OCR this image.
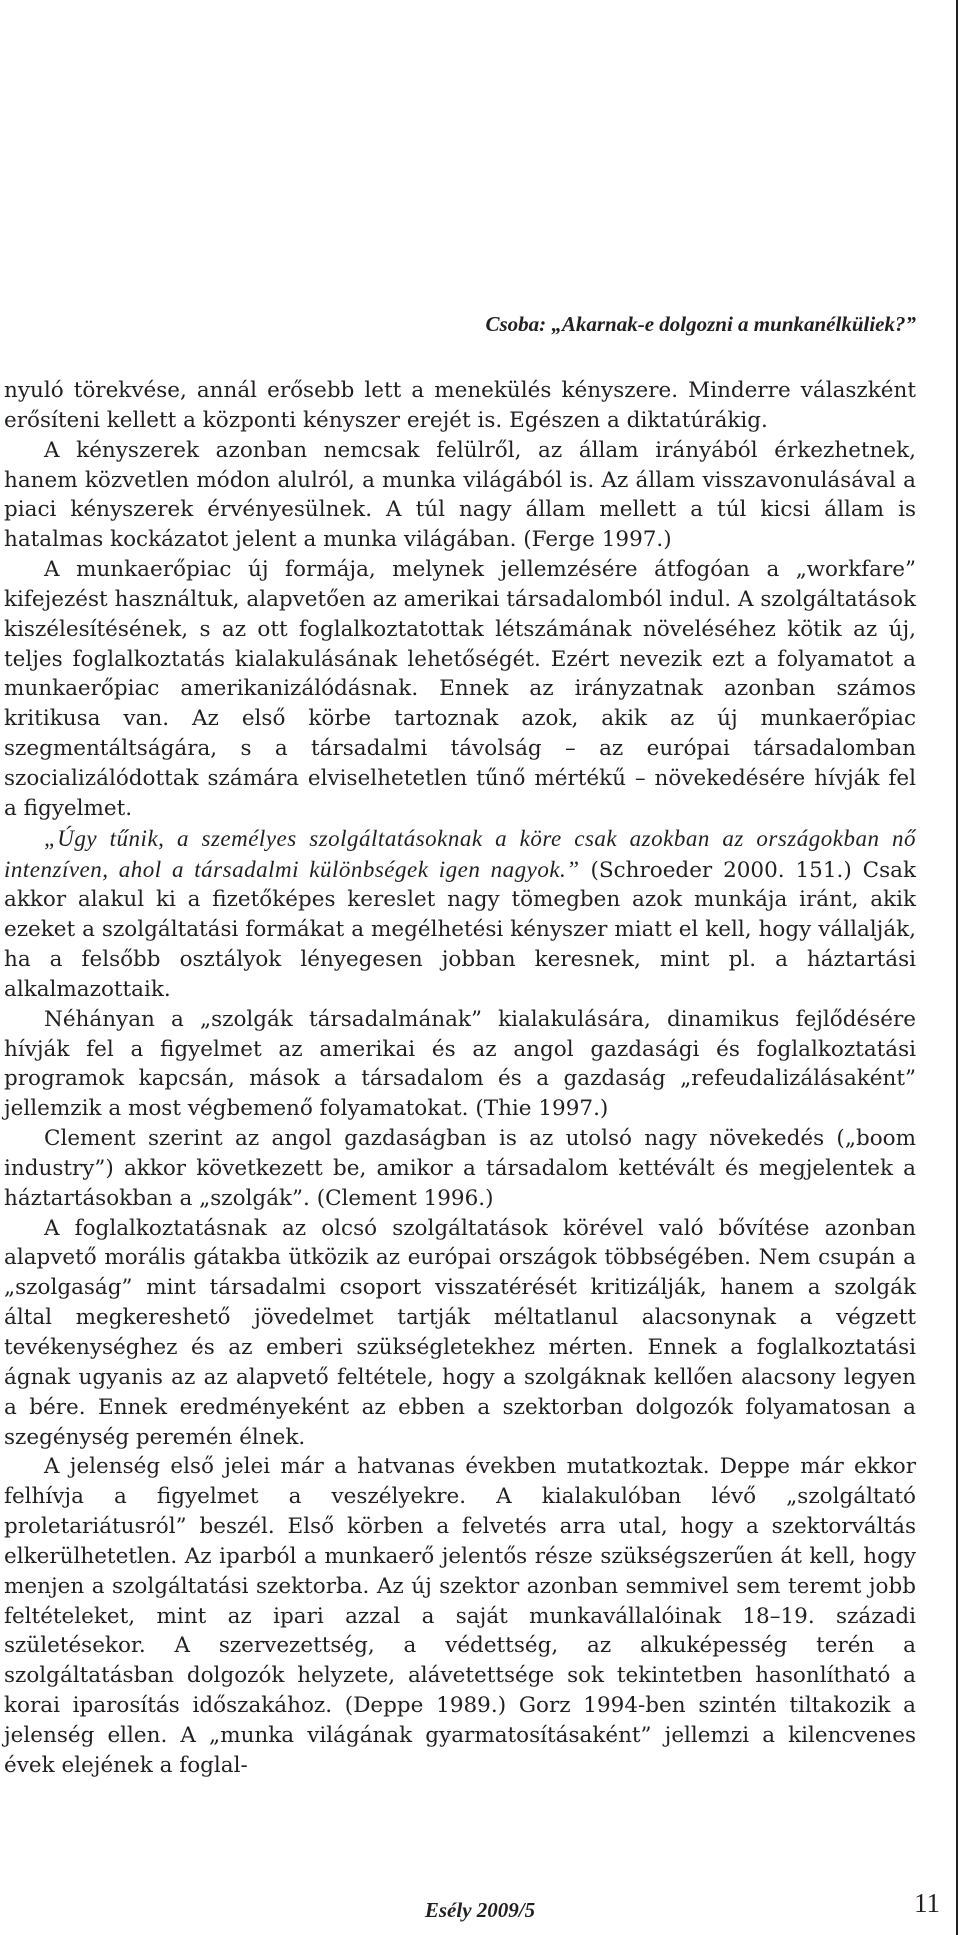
Csoba: „Akarnak-e dolgozni a munkanélküliek?”

nyuló törekvése, annál erősebb lett a menekülés kényszere. Minderre válaszként erősíteni kellett a központi kényszer erejét is. Egészen a diktatúrákig.

A kényszerek azonban nemcsak felülről, az állam irányából érkezhetnek, hanem közvetlen módon alulról, a munka világából is. Az állam visszavonulásával a piaci kényszerek érvényesülnek. A túl nagy állam mellett a túl kicsi állam is hatalmas kockázatot jelent a munka világában. (Ferge 1997.)

A munkaerőpiac új formája, melynek jellemzésére átfogóan a „workfare” kifejezést használtuk, alapvetően az amerikai társadalomból indul. A szolgáltatások kiszélesítésének, s az ott foglalkoztatottak létszámának növeléséhez kötik az új, teljes foglalkoztatás kialakulásának lehetőségét. Ezért nevezik ezt a folyamatot a munkaerőpiac amerikanizálódásnak. Ennek az irányzatnak azonban számos kritikusa van. Az első körbe tartoznak azok, akik az új munkaerőpiac szegmentáltságára, s a társadalmi távolság – az európai társadalomban szocializálódottak számára elviselhetetlen tűnő mértékű – növekedésére hívják fel a figyelmet.

„Úgy tűnik, a személyes szolgáltatásoknak a köre csak azokban az országokban nő intenzíven, ahol a társadalmi különbségek igen nagyok.” (Schroeder 2000. 151.) Csak akkor alakul ki a fizetőképes kereslet nagy tömegben azok munkája iránt, akik ezeket a szolgáltatási formákat a megélhetési kényszer miatt el kell, hogy vállalják, ha a felsőbb osztályok lényegesen jobban keresnek, mint pl. a háztartási alkalmazottaik.

Néhányan a „szolgák társadalmának” kialakulására, dinamikus fejlődésére hívják fel a figyelmet az amerikai és az angol gazdasági és foglalkoztatási programok kapcsán, mások a társadalom és a gazdaság „refeudalizálásaként” jellemzik a most végbemenő folyamatokat. (Thie 1997.)

Clement szerint az angol gazdaságban is az utolsó nagy növekedés („boom industry”) akkor következett be, amikor a társadalom kettévált és megjelentek a háztartásokban a „szolgák”. (Clement 1996.)

A foglalkoztatásnak az olcsó szolgáltatások körével való bővítése azonban alapvető morális gátakba ütközik az európai országok többségében. Nem csupán a „szolgaság” mint társadalmi csoport visszatérését kritizálják, hanem a szolgák által megkereshető jövedelmet tartják méltatlanul alacsonynak a végzett tevékenységhez és az emberi szükségletekhez mérten. Ennek a foglalkoztatási ágnak ugyanis az az alapvető feltétele, hogy a szolgáknak kellően alacsony legyen a bére. Ennek eredményeként az ebben a szektorban dolgozók folyamatosan a szegénység peremén élnek.

A jelenség első jelei már a hatvanas években mutatkoztak. Deppe már ekkor felhívja a figyelmet a veszélyekre. A kialakulóban lévő „szolgáltató proletariátusról” beszél. Első körben a felvetés arra utal, hogy a szektorváltás elkerülhetetlen. Az iparból a munkaerő jelentős része szükségszerűen át kell, hogy menjen a szolgáltatási szektorba. Az új szektor azonban semmivel sem teremt jobb feltételeket, mint az ipari azzal a saját munkavállalóinak 18–19. századi születésekor. A szervezettség, a védettség, az alkuképesség terén a szolgáltatásban dolgozók helyzete, alávetettsége sok tekintetben hasonlítható a korai iparosítás időszakához. (Deppe 1989.) Gorz 1994-ben szintén tiltakozik a jelenség ellen. A „munka világának gyarmatosításaként” jellemzi a kilencvenes évek elejének a foglal-

Esély 2009/5	11
